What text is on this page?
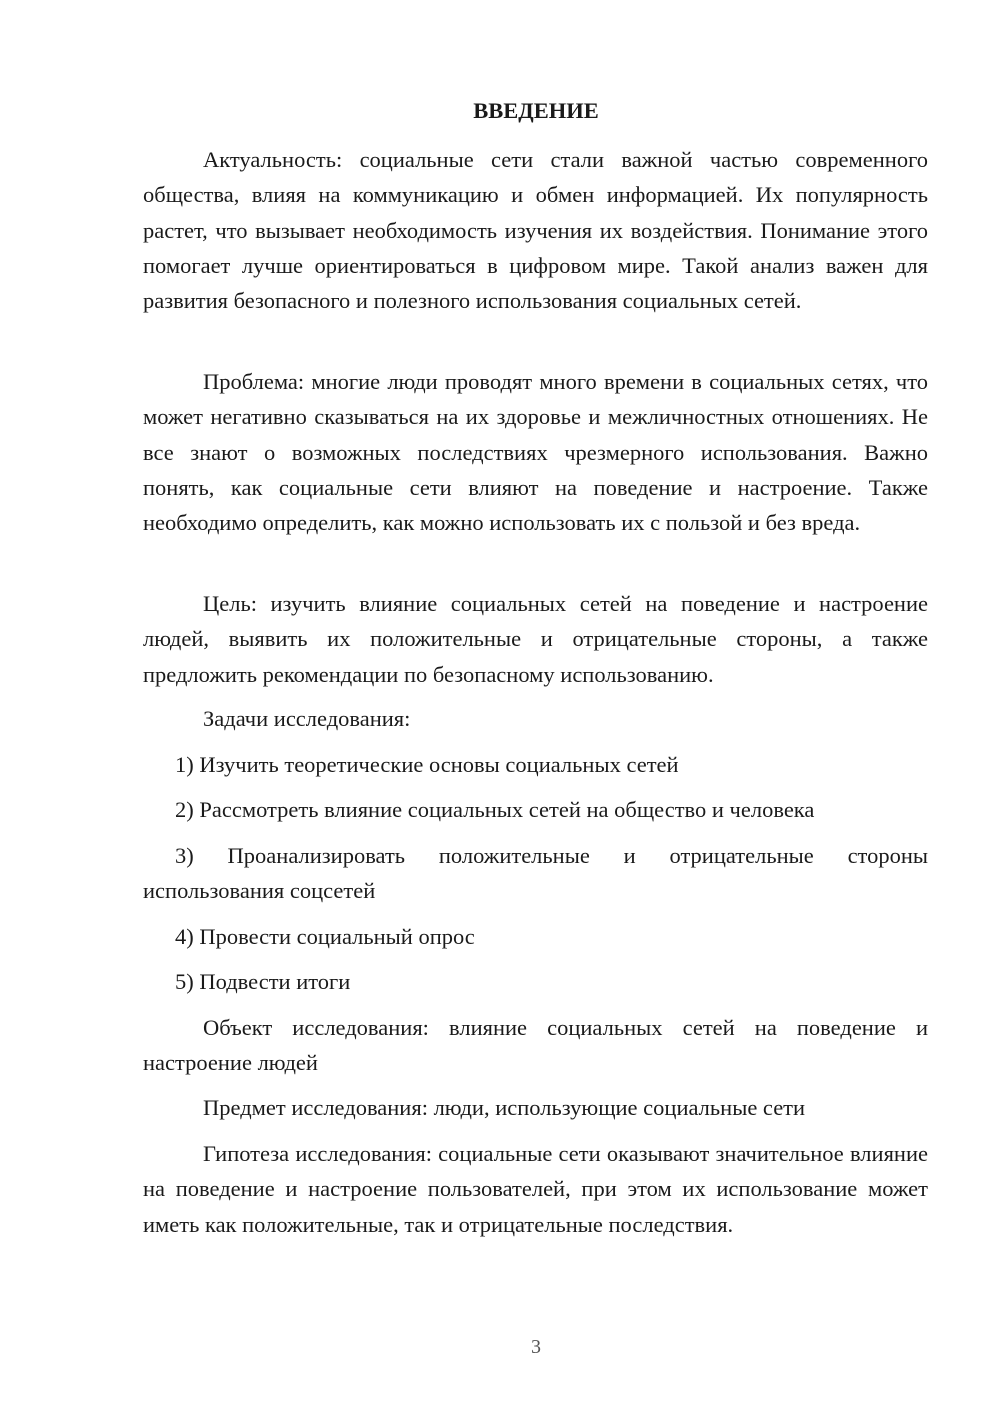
ВВЕДЕНИЕ

Актуальность: социальные сети стали важной частью современного общества, влияя на коммуникацию и обмен информацией. Их популярность растет, что вызывает необходимость изучения их воздействия. Понимание этого помогает лучше ориентироваться в цифровом мире. Такой анализ важен для развития безопасного и полезного использования социальных сетей.

Проблема: многие люди проводят много времени в социальных сетях, что может негативно сказываться на их здоровье и межличностных отношениях. Не все знают о возможных последствиях чрезмерного использования. Важно понять, как социальные сети влияют на поведение и настроение. Также необходимо определить, как можно использовать их с пользой и без вреда.

Цель: изучить влияние социальных сетей на поведение и настроение людей, выявить их положительные и отрицательные стороны, а также предложить рекомендации по безопасному использованию.

Задачи исследования:

1) Изучить теоретические основы социальных сетей

2) Рассмотреть влияние социальных сетей на общество и человека

3) Проанализировать положительные и отрицательные стороны использования соцсетей

4) Провести социальный опрос

5) Подвести итоги

Объект исследования: влияние социальных сетей на поведение и настроение людей

Предмет исследования: люди, использующие социальные сети

Гипотеза исследования: социальные сети оказывают значительное влияние на поведение и настроение пользователей, при этом их использование может иметь как положительные, так и отрицательные последствия.

3
